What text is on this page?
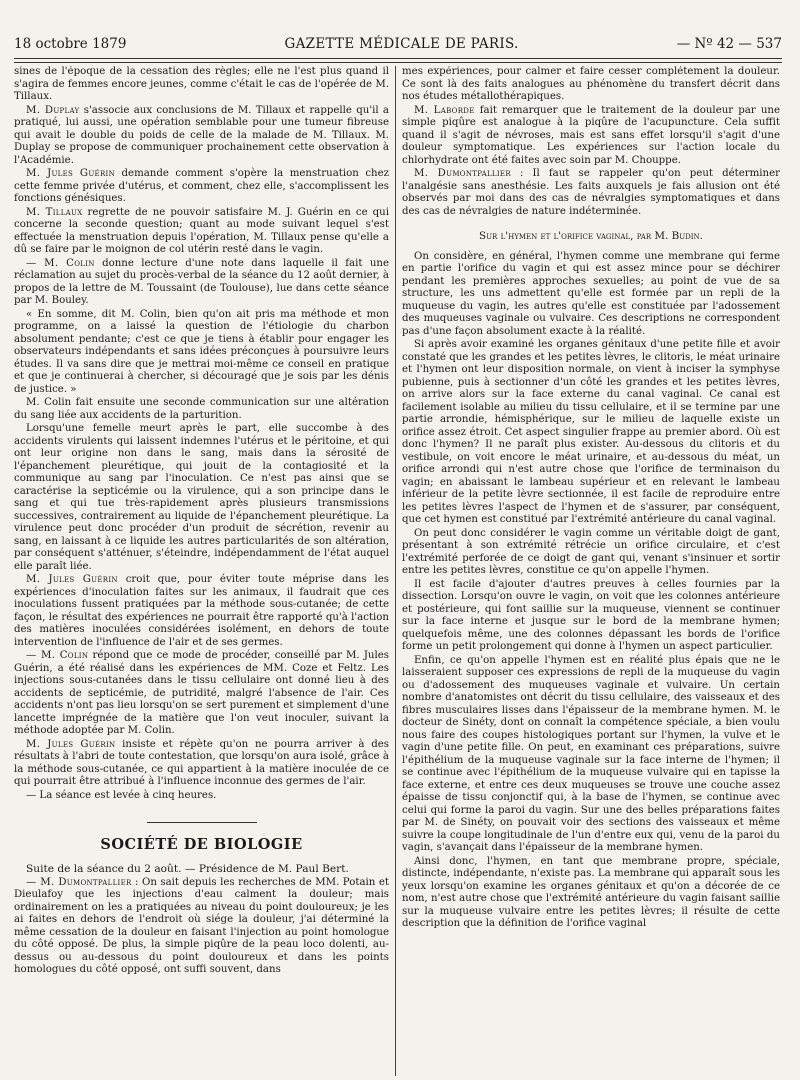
18 octobre 1879	GAZETTE MÉDICALE DE PARIS.	— Nº 42 — 537

sines de l'époque de la cessation des règles; elle ne l'est plus quand il s'agira de femmes encore jeunes, comme c'était le cas de l'opérée de M. Tillaux.

M. Duplay s'associe aux conclusions de M. Tillaux et rappelle qu'il a pratiqué, lui aussi, une opération semblable pour une tumeur fibreuse qui avait le double du poids de celle de la malade de M. Tillaux. M. Duplay se propose de communiquer prochainement cette observation à l'Académie.

M. Jules Guérin demande comment s'opère la menstruation chez cette femme privée d'utérus, et comment, chez elle, s'accomplissent les fonctions génésiques.

M. Tillaux regrette de ne pouvoir satisfaire M. J. Guérin en ce qui concerne la seconde question; quant au mode suivant lequel s'est effectuée la menstruation depuis l'opération, M. Tillaux pense qu'elle a dû se faire par le moignon de col utérin resté dans le vagin.

— M. Colin donne lecture d'une note dans laquelle il fait une réclamation au sujet du procès-verbal de la séance du 12 août dernier, à propos de la lettre de M. Toussaint (de Toulouse), lue dans cette séance par M. Bouley.

« En somme, dit M. Colin, bien qu'on ait pris ma méthode et mon programme, on a laissé la question de l'étiologie du charbon absolument pendante; c'est ce que je tiens à établir pour engager les observateurs indépendants et sans idées préconçues à poursuivre leurs études. Il va sans dire que je mettrai moi-même ce conseil en pratique et que je continuerai à chercher, si découragé que je sois par les dénis de justice. »

M. Colin fait ensuite une seconde communication sur une altération du sang liée aux accidents de la parturition.

Lorsqu'une femelle meurt après le part, elle succombe à des accidents virulents qui laissent indemnes l'utérus et le péritoine, et qui ont leur origine non dans le sang, mais dans la sérosité de l'épanchement pleurétique, qui jouit de la contagiosité et la communique au sang par l'inoculation. Ce n'est pas ainsi que se caractérise la septicémie ou la virulence, qui a son principe dans le sang et qui tue très-rapidement après plusieurs transmissions successives, contrairement au liquide de l'épanchement pleurétique. La virulence peut donc procéder d'un produit de sécrétion, revenir au sang, en laissant à ce liquide les autres particularités de son altération, par conséquent s'atténuer, s'éteindre, indépendamment de l'état auquel elle paraît liée.

M. Jules Guérin croit que, pour éviter toute méprise dans les expériences d'inoculation faites sur les animaux, il faudrait que ces inoculations fussent pratiquées par la méthode sous-cutanée; de cette façon, le résultat des expériences ne pourrait être rapporté qu'à l'action des matières inoculées considérées isolément, en dehors de toute intervention de l'influence de l'air et de ses germes.

— M. Colin répond que ce mode de procéder, conseillé par M. Jules Guérin, a été réalisé dans les expériences de MM. Coze et Feltz. Les injections sous-cutanées dans le tissu cellulaire ont donné lieu à des accidents de septicémie, de putridité, malgré l'absence de l'air. Ces accidents n'ont pas lieu lorsqu'on se sert purement et simplement d'une lancette imprégnée de la matière que l'on veut inoculer, suivant la méthode adoptée par M. Colin.

M. Jules Guérin insiste et répète qu'on ne pourra arriver à des résultats à l'abri de toute contestation, que lorsqu'on aura isolé, grâce à la méthode sous-cutanée, ce qui appartient à la matière inoculée de ce qui pourrait être attribué à l'influence inconnue des germes de l'air.

— La séance est levée à cinq heures.

SOCIÉTÉ DE BIOLOGIE

Suite de la séance du 2 août. — Présidence de M. Paul Bert.

— M. Dumontpallier : On sait depuis les recherches de MM. Potain et Dieulafoy que les injections d'eau calment la douleur; mais ordinairement on les a pratiquées au niveau du point douloureux; je les ai faites en dehors de l'endroit où siége la douleur, j'ai déterminé la même cessation de la douleur en faisant l'injection au point homologue du côté opposé. De plus, la simple piqûre de la peau loco dolenti, au-dessus ou au-dessous du point douloureux et dans les points homologues du côté opposé, ont suffi souvent, dans

mes expériences, pour calmer et faire cesser complétement la douleur. Ce sont là des faits analogues au phénomène du transfert décrit dans nos études métallothérapiques.

M. Laborde fait remarquer que le traitement de la douleur par une simple piqûre est analogue à la piqûre de l'acupuncture. Cela suffit quand il s'agit de névroses, mais est sans effet lorsqu'il s'agit d'une douleur symptomatique. Les expériences sur l'action locale du chlorhydrate ont été faites avec soin par M. Chouppe.

M. Dumontpallier : Il faut se rappeler qu'on peut déterminer l'analgésie sans anesthésie. Les faits auxquels je fais allusion ont été observés par moi dans des cas de névralgies symptomatiques et dans des cas de névralgies de nature indéterminée.

Sur l'hymen et l'orifice vaginal, par M. Budin.

On considère, en général, l'hymen comme une membrane qui ferme en partie l'orifice du vagin et qui est assez mince pour se déchirer pendant les premières approches sexuelles; au point de vue de sa structure, les uns admettent qu'elle est formée par un repli de la muqueuse du vagin, les autres qu'elle est constituée par l'adossement des muqueuses vaginale ou vulvaire. Ces descriptions ne correspondent pas d'une façon absolument exacte à la réalité.

Si après avoir examiné les organes génitaux d'une petite fille et avoir constaté que les grandes et les petites lèvres, le clitoris, le méat urinaire et l'hymen ont leur disposition normale, on vient à inciser la symphyse pubienne, puis à sectionner d'un côté les grandes et les petites lèvres, on arrive alors sur la face externe du canal vaginal. Ce canal est facilement isolable au milieu du tissu cellulaire, et il se termine par une partie arrondie, hémisphérique, sur le milieu de laquelle existe un orifice assez étroit. Cet aspect singulier frappe au premier abord. Où est donc l'hymen? Il ne paraît plus exister. Au-dessous du clitoris et du vestibule, on voit encore le méat urinaire, et au-dessous du méat, un orifice arrondi qui n'est autre chose que l'orifice de terminaison du vagin; en abaissant le lambeau supérieur et en relevant le lambeau inférieur de la petite lèvre sectionnée, il est facile de reproduire entre les petites lèvres l'aspect de l'hymen et de s'assurer, par conséquent, que cet hymen est constitué par l'extrémité antérieure du canal vaginal.

On peut donc considérer le vagin comme un véritable doigt de gant, présentant à son extrémité rétrécie un orifice circulaire, et c'est l'extrémité perforée de ce doigt de gant qui, venant s'insinuer et sortir entre les petites lèvres, constitue ce qu'on appelle l'hymen.

Il est facile d'ajouter d'autres preuves à celles fournies par la dissection. Lorsqu'on ouvre le vagin, on voit que les colonnes antérieure et postérieure, qui font saillie sur la muqueuse, viennent se continuer sur la face interne et jusque sur le bord de la membrane hymen; quelquefois même, une des colonnes dépassant les bords de l'orifice forme un petit prolongement qui donne à l'hymen un aspect particulier.

Enfin, ce qu'on appelle l'hymen est en réalité plus épais que ne le laisseraient supposer ces expressions de repli de la muqueuse du vagin ou d'adossement des muqueuses vaginale et vulvaire. Un certain nombre d'anatomistes ont décrit du tissu cellulaire, des vaisseaux et des fibres musculaires lisses dans l'épaisseur de la membrane hymen. M. le docteur de Sinéty, dont on connaît la compétence spéciale, a bien voulu nous faire des coupes histologiques portant sur l'hymen, la vulve et le vagin d'une petite fille. On peut, en examinant ces préparations, suivre l'épithélium de la muqueuse vaginale sur la face interne de l'hymen; il se continue avec l'épithélium de la muqueuse vulvaire qui en tapisse la face externe, et entre ces deux muqueuses se trouve une couche assez épaisse de tissu conjonctif qui, à la base de l'hymen, se continue avec celui qui forme la paroi du vagin. Sur une des belles préparations faites par M. de Sinéty, on pouvait voir des sections des vaisseaux et même suivre la coupe longitudinale de l'un d'entre eux qui, venu de la paroi du vagin, s'avançait dans l'épaisseur de la membrane hymen.

Ainsi donc, l'hymen, en tant que membrane propre, spéciale, distincte, indépendante, n'existe pas. La membrane qui apparaît sous les yeux lorsqu'on examine les organes génitaux et qu'on a décorée de ce nom, n'est autre chose que l'extrémité antérieure du vagin faisant saillie sur la muqueuse vulvaire entre les petites lèvres; il résulte de cette description que la définition de l'orifice vaginal
